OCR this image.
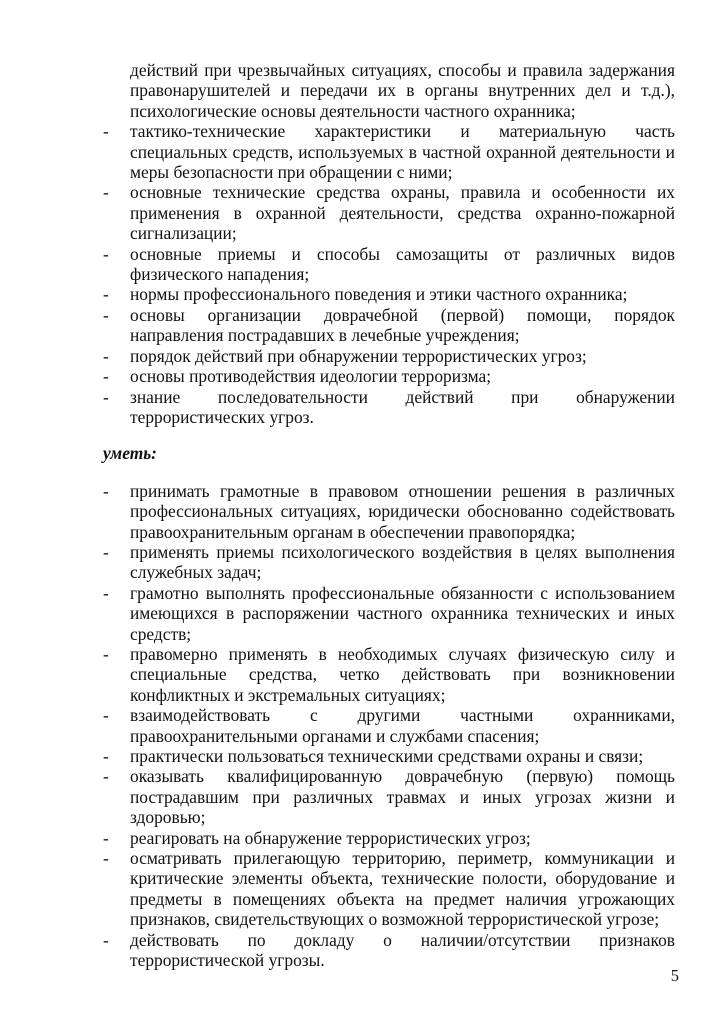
действий при чрезвычайных ситуациях, способы и правила задержания правонарушителей и передачи их в органы внутренних дел и т.д.), психологические основы деятельности частного охранника;

- тактико-технические характеристики и материальную часть специальных средств, используемых в частной охранной деятельности и меры безопасности при обращении с ними;
- основные технические средства охраны, правила и особенности их применения в охранной деятельности, средства охранно-пожарной сигнализации;
- основные приемы и способы самозащиты от различных видов физического нападения;
- нормы профессионального поведения и этики частного охранника;
- основы организации доврачебной (первой) помощи, порядок направления пострадавших в лечебные учреждения;
- порядок действий при обнаружении террористических угроз;
- основы противодействия идеологии терроризма;
- знание последовательности действий при обнаружении террористических угроз.
уметь:
- принимать грамотные в правовом отношении решения в различных профессиональных ситуациях, юридически обоснованно содействовать правоохранительным органам в обеспечении правопорядка;
- применять приемы психологического воздействия в целях выполнения служебных задач;
- грамотно выполнять профессиональные обязанности с использованием имеющихся в распоряжении частного охранника технических и иных средств;
- правомерно применять в необходимых случаях физическую силу и специальные средства, четко действовать при возникновении конфликтных и экстремальных ситуациях;
- взаимодействовать с другими частными охранниками, правоохранительными органами и службами спасения;
- практически пользоваться техническими средствами охраны и связи;
- оказывать квалифицированную доврачебную (первую) помощь пострадавшим при различных травмах и иных угрозах жизни и здоровью;
- реагировать на обнаружение террористических угроз;
- осматривать прилегающую территорию, периметр, коммуникации и критические элементы объекта, технические полости, оборудование и предметы в помещениях объекта на предмет наличия угрожающих признаков, свидетельствующих о возможной террористической угрозе;
- действовать по докладу о наличии/отсутствии признаков террористической угрозы.
5
